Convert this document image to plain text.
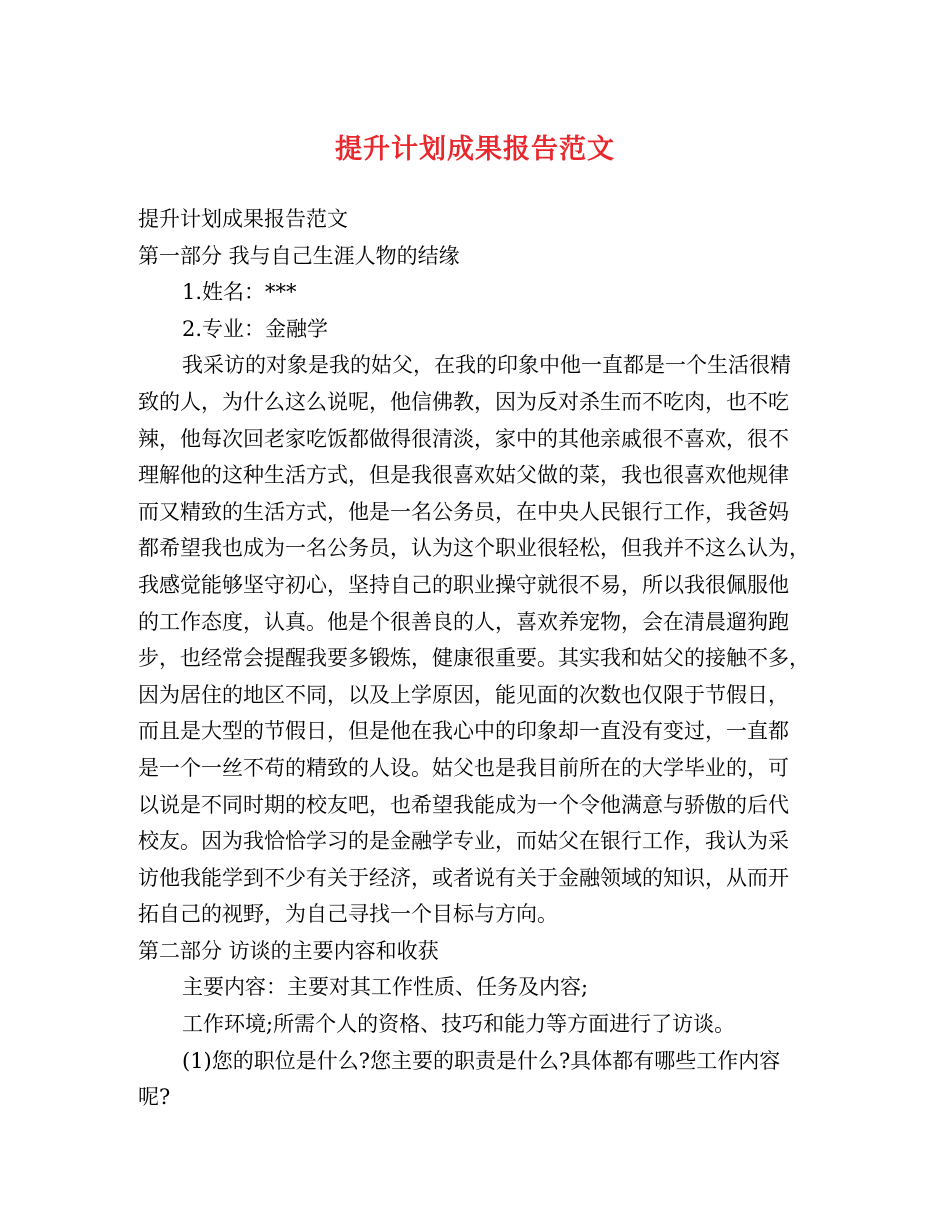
提升计划成果报告范文

提升计划成果报告范文

第一部分 我与自己生涯人物的结缘

1.姓名：***

2.专业：金融学

我采访的对象是我的姑父，在我的印象中他一直都是一个生活很精

致的人，为什么这么说呢，他信佛教，因为反对杀生而不吃肉，也不吃

辣，他每次回老家吃饭都做得很清淡，家中的其他亲戚很不喜欢，很不

理解他的这种生活方式，但是我很喜欢姑父做的菜，我也很喜欢他规律

而又精致的生活方式，他是一名公务员，在中央人民银行工作，我爸妈

都希望我也成为一名公务员，认为这个职业很轻松，但我并不这么认为，

我感觉能够坚守初心，坚持自己的职业操守就很不易，所以我很佩服他

的工作态度，认真。他是个很善良的人，喜欢养宠物，会在清晨遛狗跑

步，也经常会提醒我要多锻炼，健康很重要。其实我和姑父的接触不多，

因为居住的地区不同，以及上学原因，能见面的次数也仅限于节假日，

而且是大型的节假日，但是他在我心中的印象却一直没有变过，一直都

是一个一丝不苟的精致的人设。姑父也是我目前所在的大学毕业的，可

以说是不同时期的校友吧，也希望我能成为一个令他满意与骄傲的后代

校友。因为我恰恰学习的是金融学专业，而姑父在银行工作，我认为采

访他我能学到不少有关于经济，或者说有关于金融领域的知识，从而开

拓自己的视野，为自己寻找一个目标与方向。

第二部分 访谈的主要内容和收获

主要内容：主要对其工作性质、任务及内容;

工作环境;所需个人的资格、技巧和能力等方面进行了访谈。

(1)您的职位是什么?您主要的职责是什么?具体都有哪些工作内容

呢?
